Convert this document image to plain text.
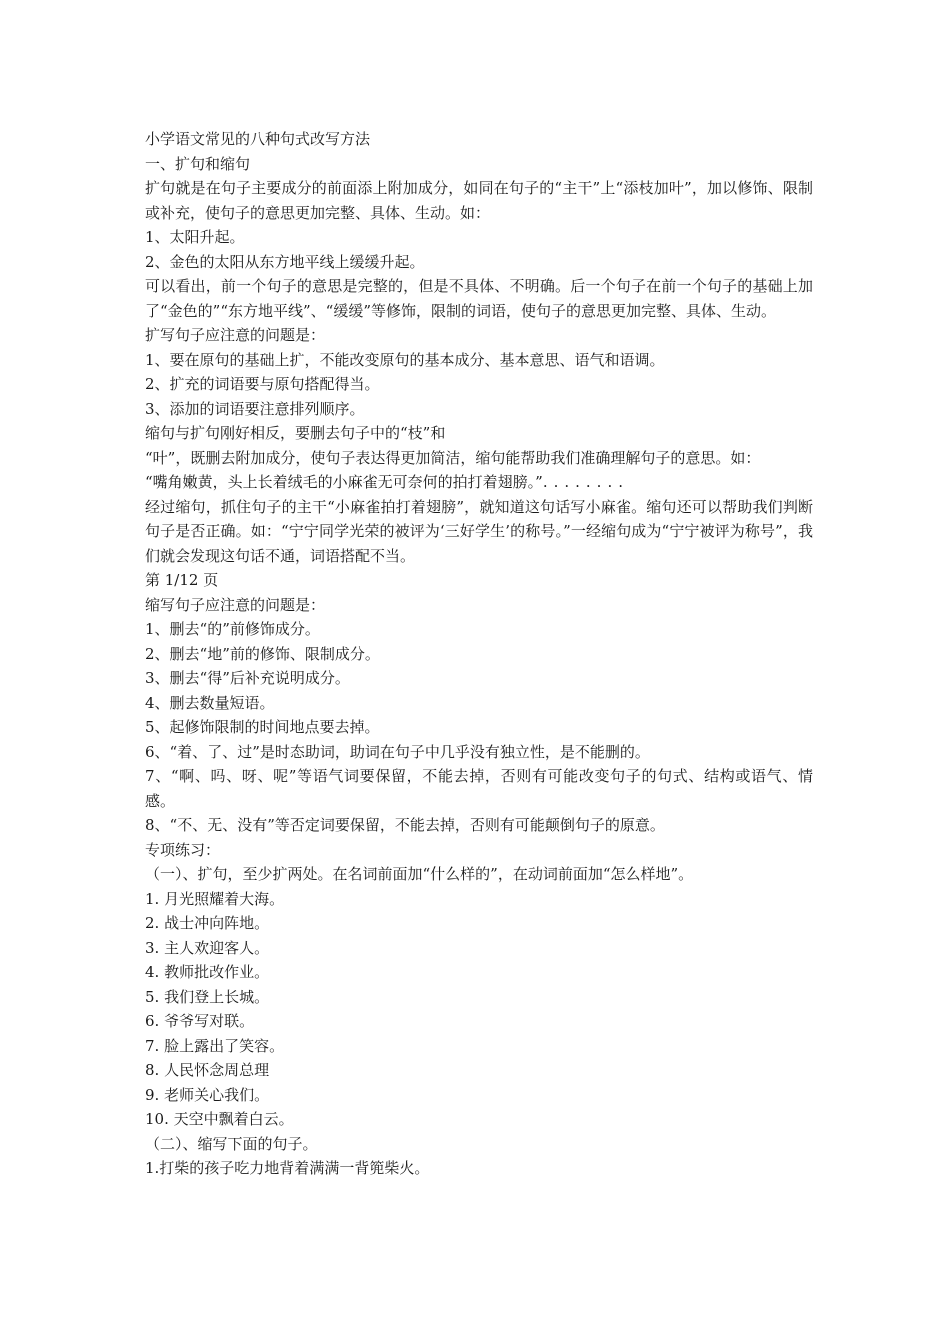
小学语文常见的八种句式改写方法
一、扩句和缩句
扩句就是在句子主要成分的前面添上附加成分，如同在句子的“主干”上“添枝加叶”，加以修饰、限制或补充，使句子的意思更加完整、具体、生动。如：
1、太阳升起。
2、金色的太阳从东方地平线上缓缓升起。
可以看出，前一个句子的意思是完整的，但是不具体、不明确。后一个句子在前一个句子的基础上加了“金色的”“东方地平线”、“缓缓”等修饰，限制的词语，使句子的意思更加完整、具体、生动。
扩写句子应注意的问题是：
1、要在原句的基础上扩，不能改变原句的基本成分、基本意思、语气和语调。
2、扩充的词语要与原句搭配得当。
3、添加的词语要注意排列顺序。
缩句与扩句刚好相反，要删去句子中的“枝”和
“叶”，既删去附加成分，使句子表达得更加简洁，缩句能帮助我们准确理解句子的意思。如：
“嘴角嫩黄，头上长着绒毛的小麻雀无可奈何的拍打着翅膀。”........
经过缩句，抓住句子的主干“小麻雀拍打着翅膀”，就知道这句话写小麻雀。缩句还可以帮助我们判断句子是否正确。如：“宁宁同学光荣的被评为‘三好学生’的称号。”一经缩句成为“宁宁被评为称号”，我们就会发现这句话不通，词语搭配不当。
第 1/12 页
缩写句子应注意的问题是：
1、删去“的”前修饰成分。
2、删去“地”前的修饰、限制成分。
3、删去“得”后补充说明成分。
4、删去数量短语。
5、起修饰限制的时间地点要去掉。
6、“着、了、过”是时态助词，助词在句子中几乎没有独立性，是不能删的。
7、“啊、吗、呀、呢”等语气词要保留，不能去掉，否则有可能改变句子的句式、结构或语气、情感。
8、“不、无、没有”等否定词要保留，不能去掉，否则有可能颠倒句子的原意。
专项练习：
（一）、扩句，至少扩两处。在名词前面加“什么样的”，在动词前面加“怎么样地”。
1. 月光照耀着大海。
2. 战士冲向阵地。
3. 主人欢迎客人。
4. 教师批改作业。
5. 我们登上长城。
6. 爷爷写对联。
7. 脸上露出了笑容。
8. 人民怀念周总理
9. 老师关心我们。
10. 天空中飘着白云。
（二）、缩写下面的句子。
1.打柴的孩子吃力地背着满满一背篼柴火。
